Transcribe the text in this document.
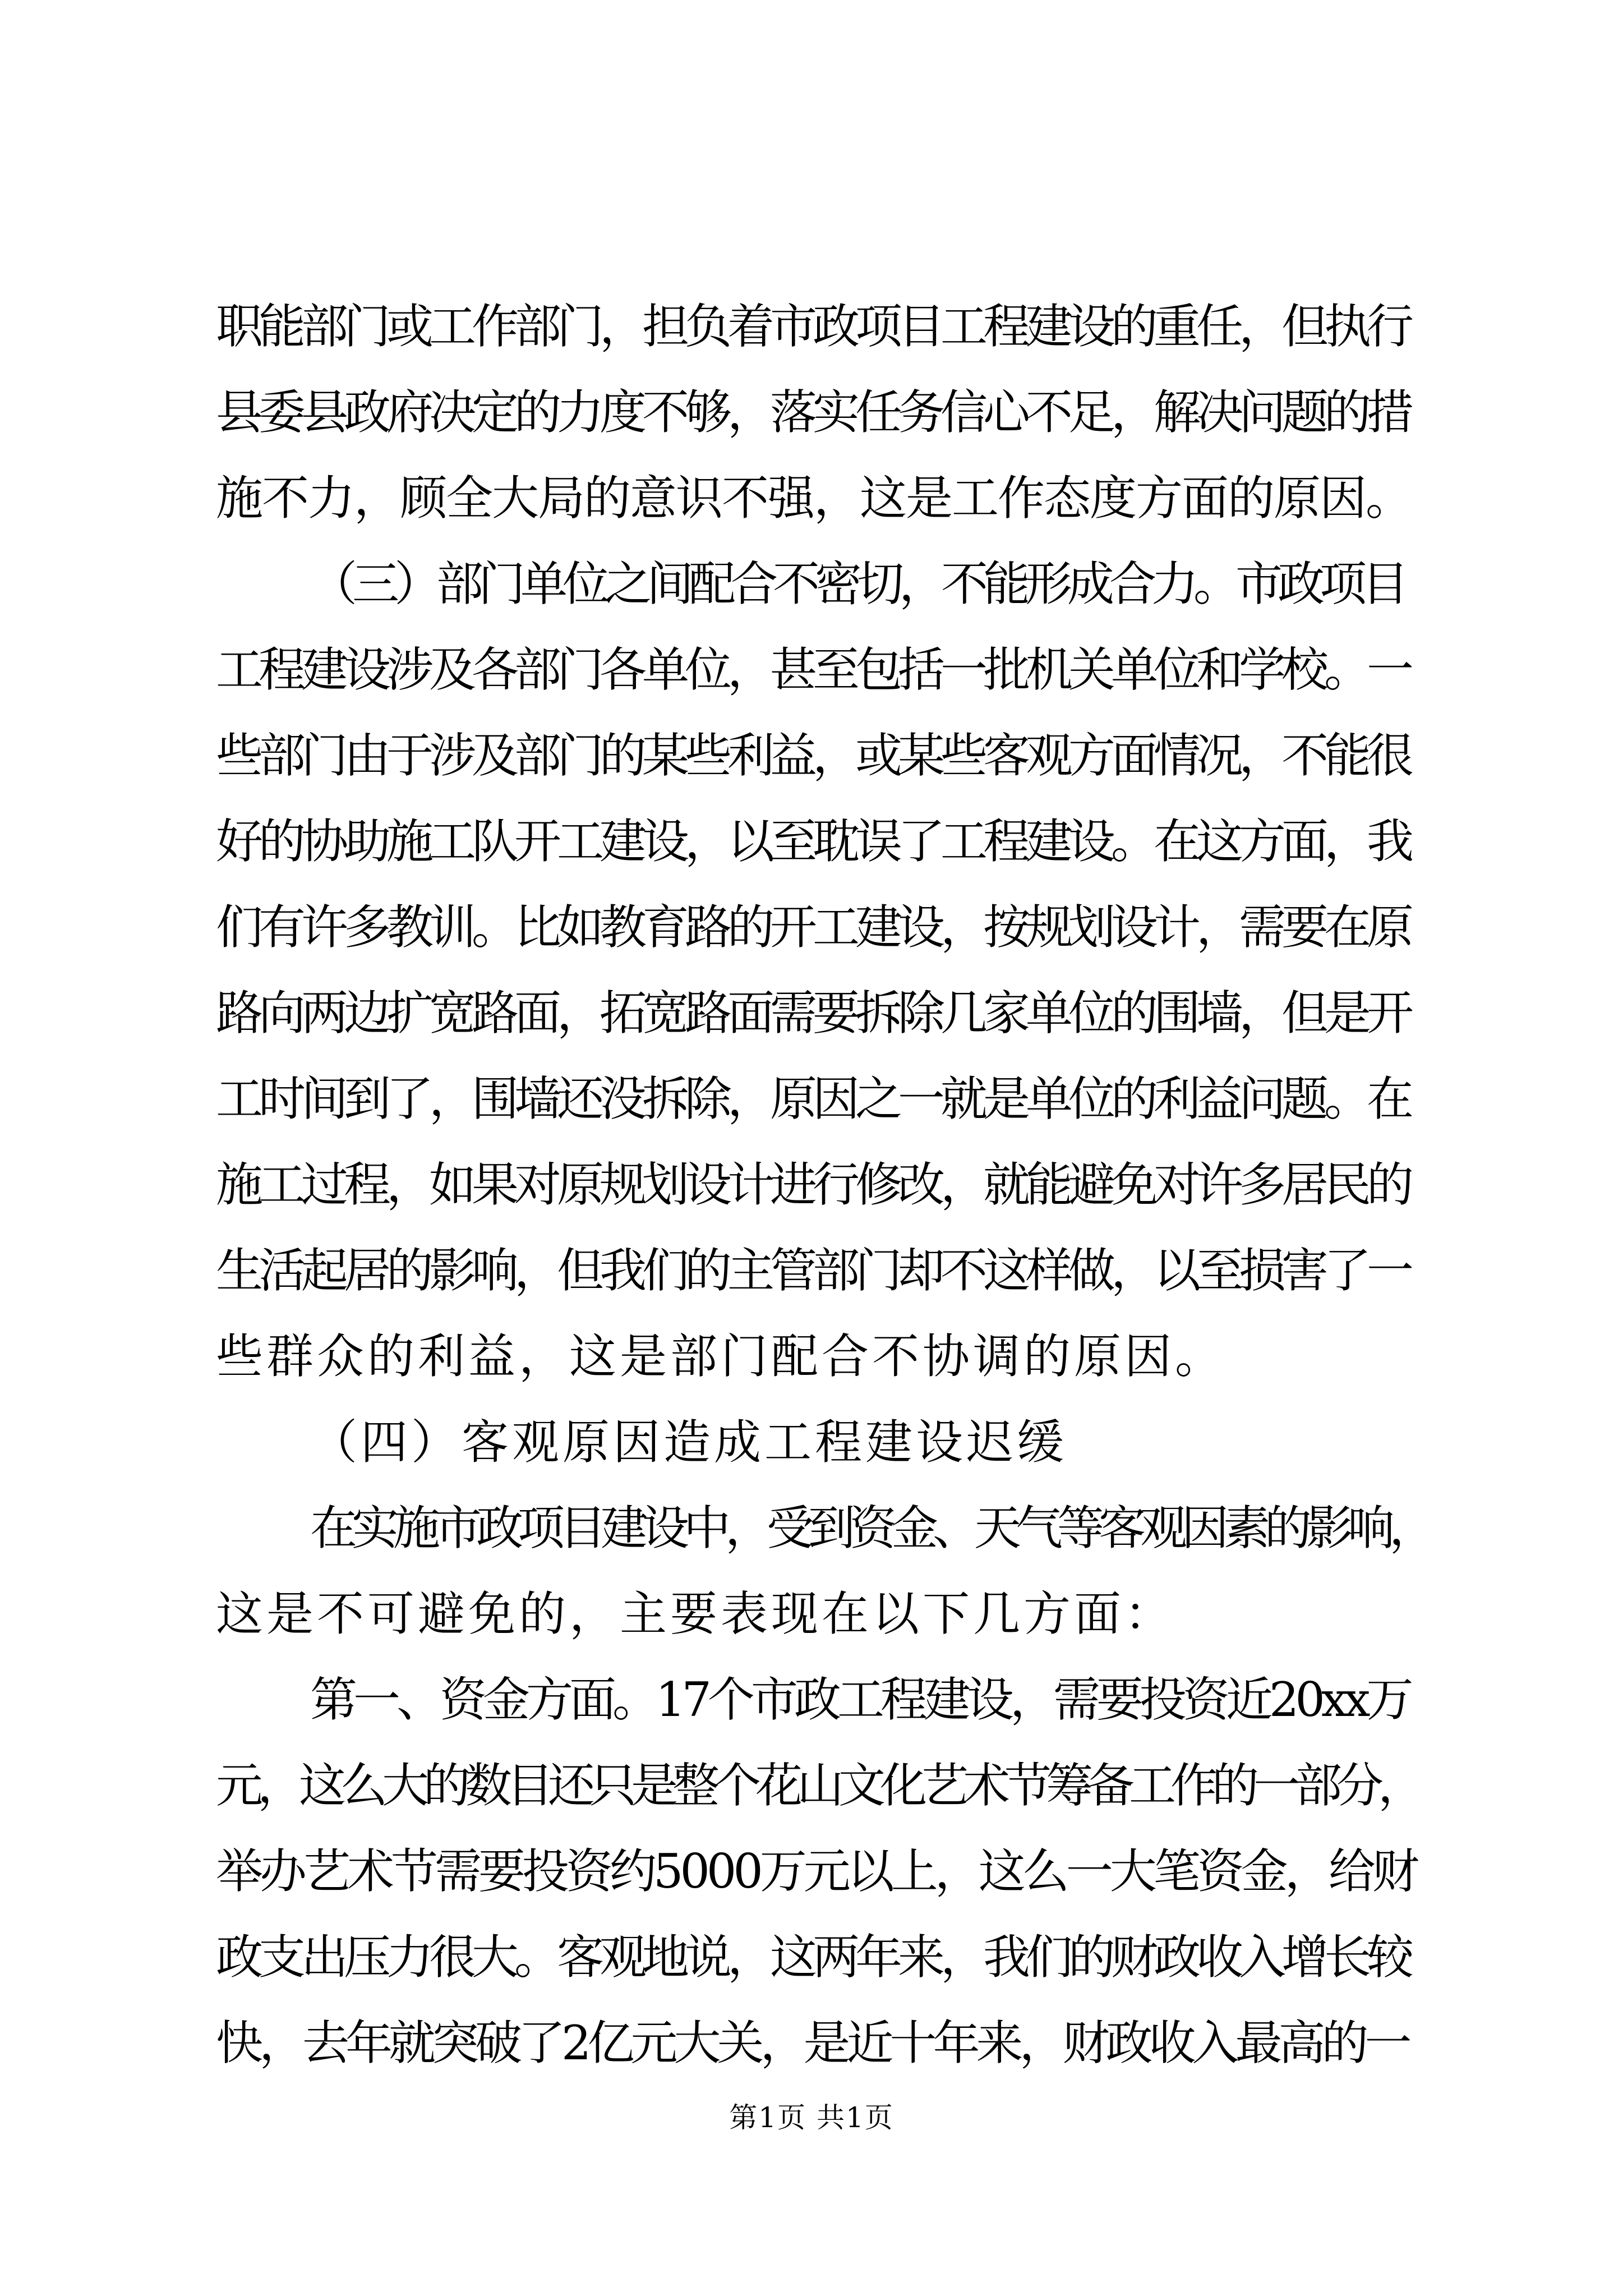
职能部门或工作部门，担负着市政项目工程建设的重任，但执行
县委县政府决定的力度不够，落实任务信心不足，解决问题的措
施不力，顾全大局的意识不强，这是工作态度方面的原因。
（三）部门单位之间配合不密切，不能形成合力。市政项目
工程建设涉及各部门各单位，甚至包括一批机关单位和学校。一
些部门由于涉及部门的某些利益，或某些客观方面情况，不能很
好的协助施工队开工建设，以至耽误了工程建设。在这方面，我
们有许多教训。比如教育路的开工建设，按规划设计，需要在原
路向两边扩宽路面，拓宽路面需要拆除几家单位的围墙，但是开
工时间到了，围墙还没拆除，原因之一就是单位的利益问题。在
施工过程，如果对原规划设计进行修改，就能避免对许多居民的
生活起居的影响，但我们的主管部门却不这样做，以至损害了一
些群众的利益，这是部门配合不协调的原因。
（四）客观原因造成工程建设迟缓
在实施市政项目建设中，受到资金、天气等客观因素的影响，
这是不可避免的，主要表现在以下几方面：
第一、资金方面。17个市政工程建设，需要投资近20xx万
元，这么大的数目还只是整个花山文化艺术节筹备工作的一部分，
举办艺术节需要投资约5000万元以上，这么一大笔资金，给财
政支出压力很大。客观地说，这两年来，我们的财政收入增长较
快，去年就突破了2亿元大关，是近十年来，财政收入最高的一
第1页 共1页
